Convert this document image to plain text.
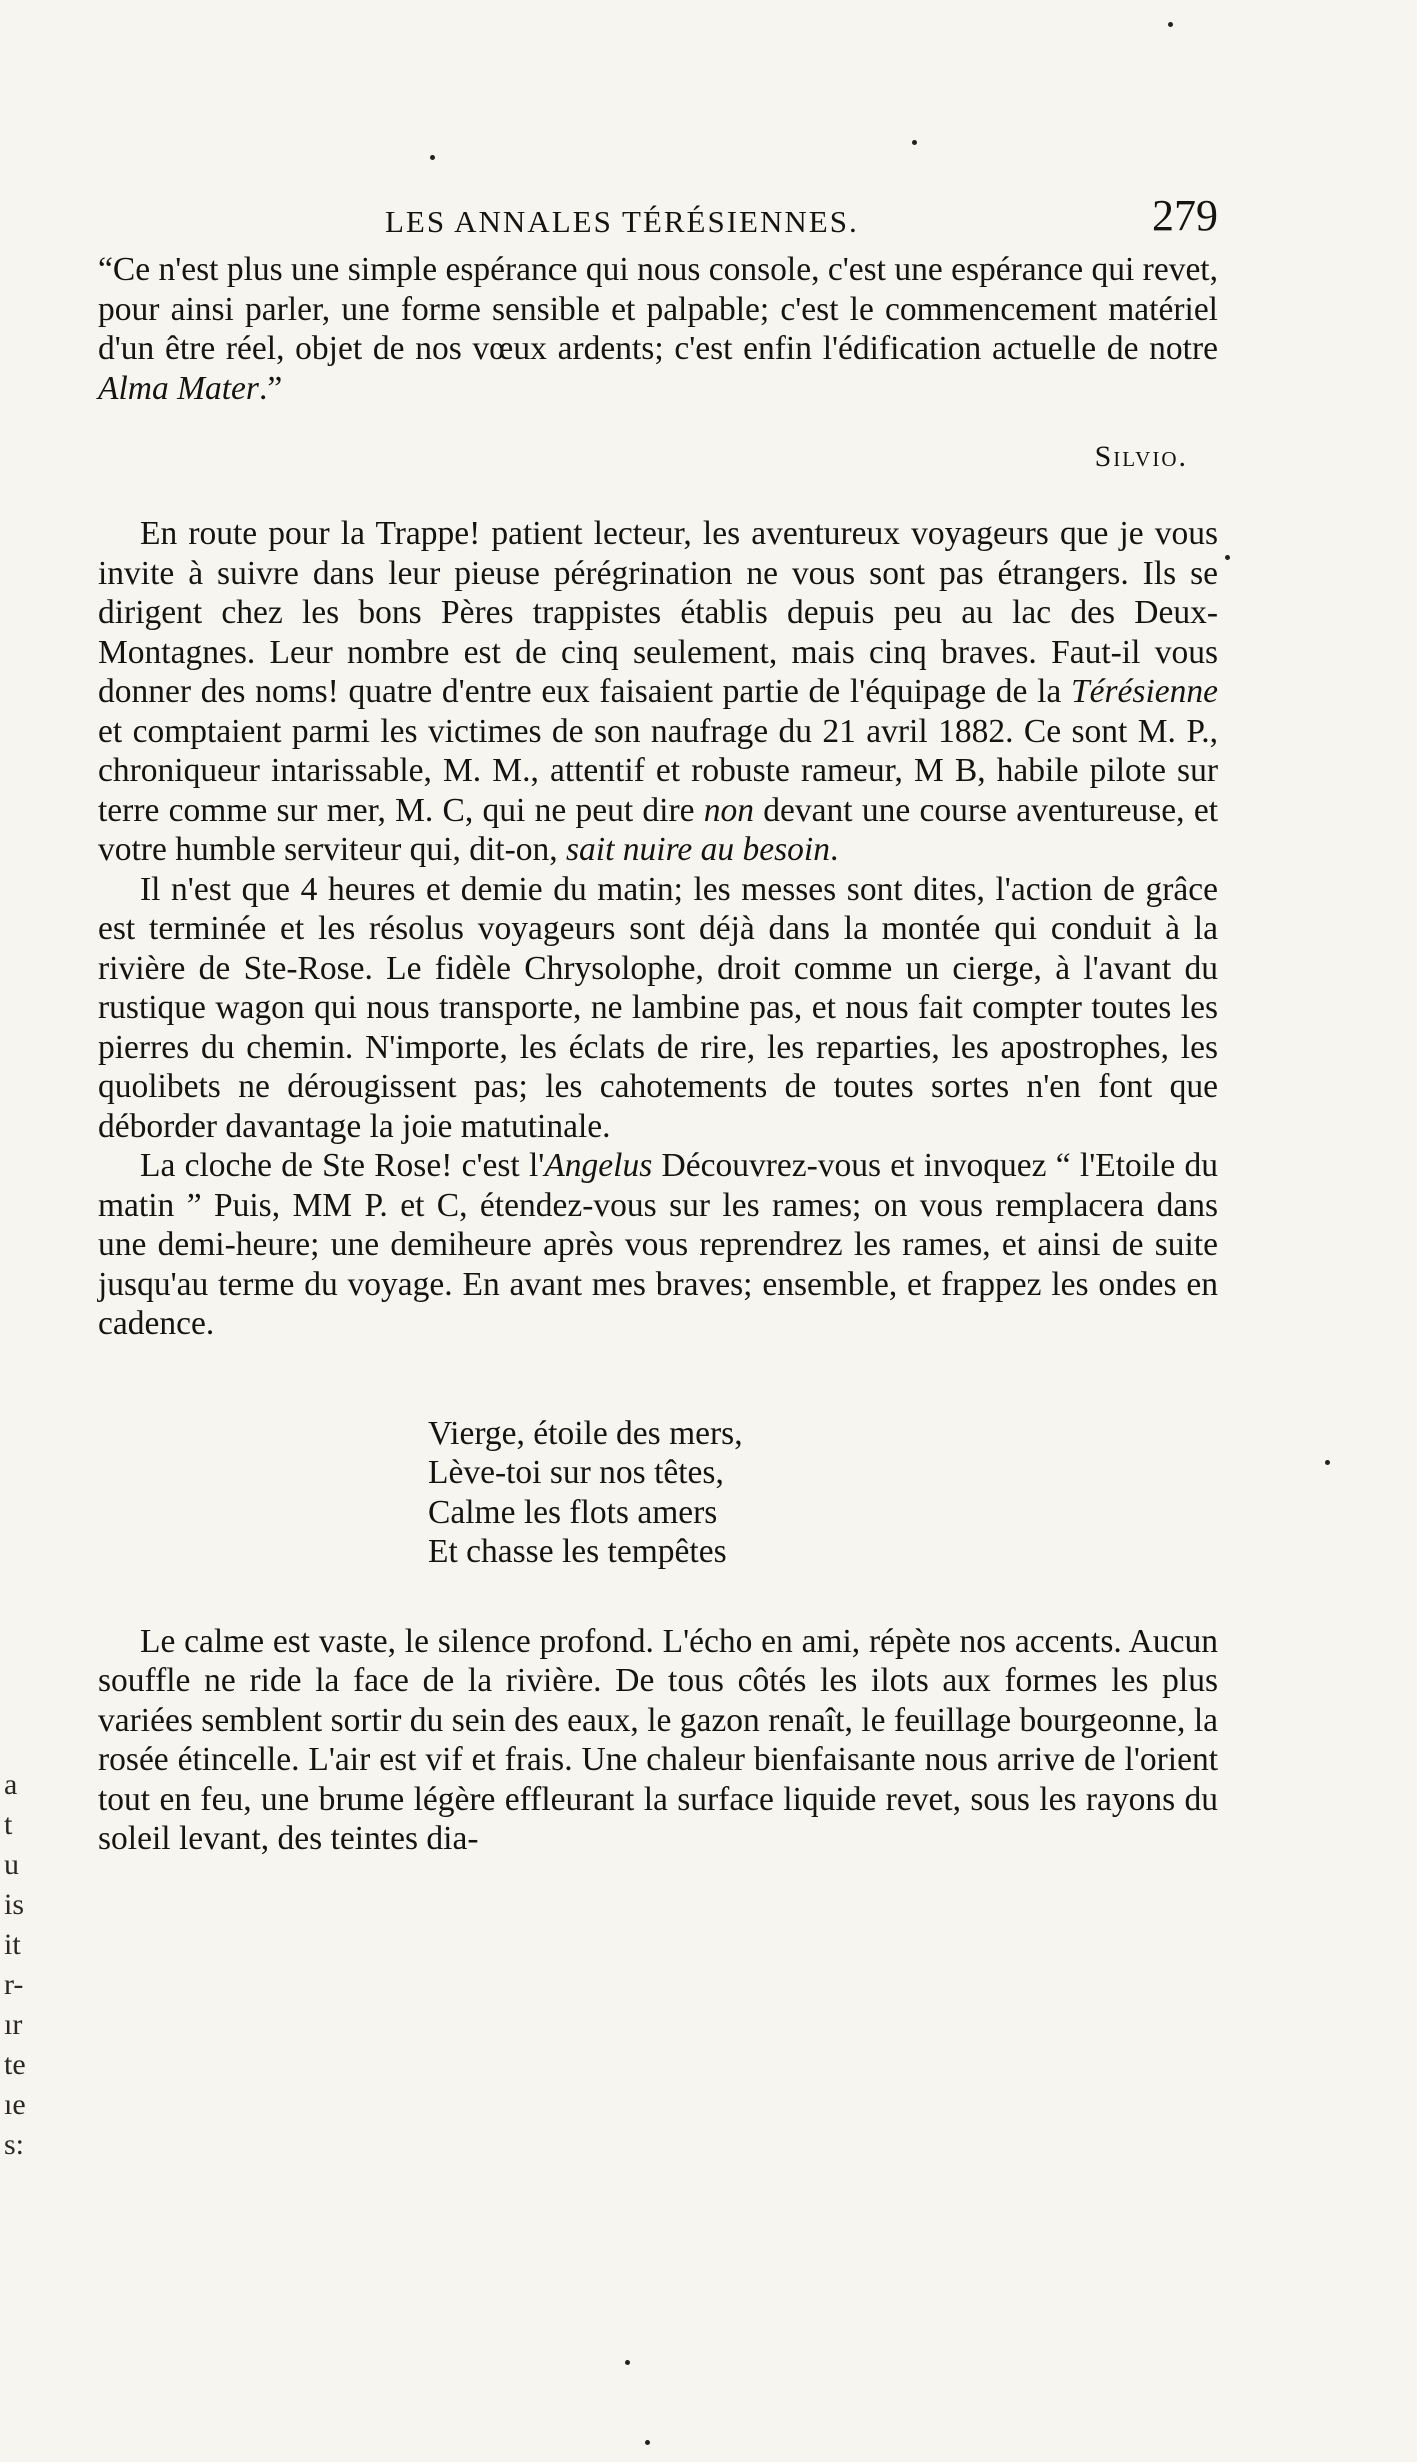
LES ANNALES TÉRÉSIENNES.	279

“Ce n'est plus une simple espérance qui nous console, c'est une espérance qui revet, pour ainsi parler, une forme sensible et palpable; c'est le commencement matériel d'un être réel, objet de nos vœux ardents; c'est enfin l'édification actuelle de notre Alma Mater.”

Silvio.

En route pour la Trappe! patient lecteur, les aventureux voyageurs que je vous invite à suivre dans leur pieuse pérégrination ne vous sont pas étrangers. Ils se dirigent chez les bons Pères trappistes établis depuis peu au lac des Deux-Montagnes. Leur nombre est de cinq seulement, mais cinq braves. Faut-il vous donner des noms! quatre d'entre eux faisaient partie de l'équipage de la Térésienne et comptaient parmi les victimes de son naufrage du 21 avril 1882. Ce sont M. P., chroniqueur intarissable, M. M., attentif et robuste rameur, M B, habile pilote sur terre comme sur mer, M. C, qui ne peut dire non devant une course aventureuse, et votre humble serviteur qui, dit-on, sait nuire au besoin.

Il n'est que 4 heures et demie du matin; les messes sont dites, l'action de grâce est terminée et les résolus voyageurs sont déjà dans la montée qui conduit à la rivière de Ste-Rose. Le fidèle Chrysolophe, droit comme un cierge, à l'avant du rustique wagon qui nous transporte, ne lambine pas, et nous fait compter toutes les pierres du chemin. N'importe, les éclats de rire, les reparties, les apostrophes, les quolibets ne dérougissent pas; les cahotements de toutes sortes n'en font que déborder davantage la joie matutinale.

La cloche de Ste Rose! c'est l'Angelus Découvrez-vous et invoquez “ l'Etoile du matin ” Puis, MM P. et C, étendez-vous sur les rames; on vous remplacera dans une demi-heure; une demiheure après vous reprendrez les rames, et ainsi de suite jusqu'au terme du voyage. En avant mes braves; ensemble, et frappez les ondes en cadence.

Vierge, étoile des mers,
Lève-toi sur nos têtes,
Calme les flots amers
Et chasse les tempêtes

Le calme est vaste, le silence profond. L'écho en ami, répète nos accents. Aucun souffle ne ride la face de la rivière. De tous côtés les ilots aux formes les plus variées semblent sortir du sein des eaux, le gazon renaît, le feuillage bourgeonne, la rosée étincelle. L'air est vif et frais. Une chaleur bienfaisante nous arrive de l'orient tout en feu, une brume légère effleurant la surface liquide revet, sous les rayons du soleil levant, des teintes dia-

a
t
u
is
it
r-
ır
te
ıe
s:
